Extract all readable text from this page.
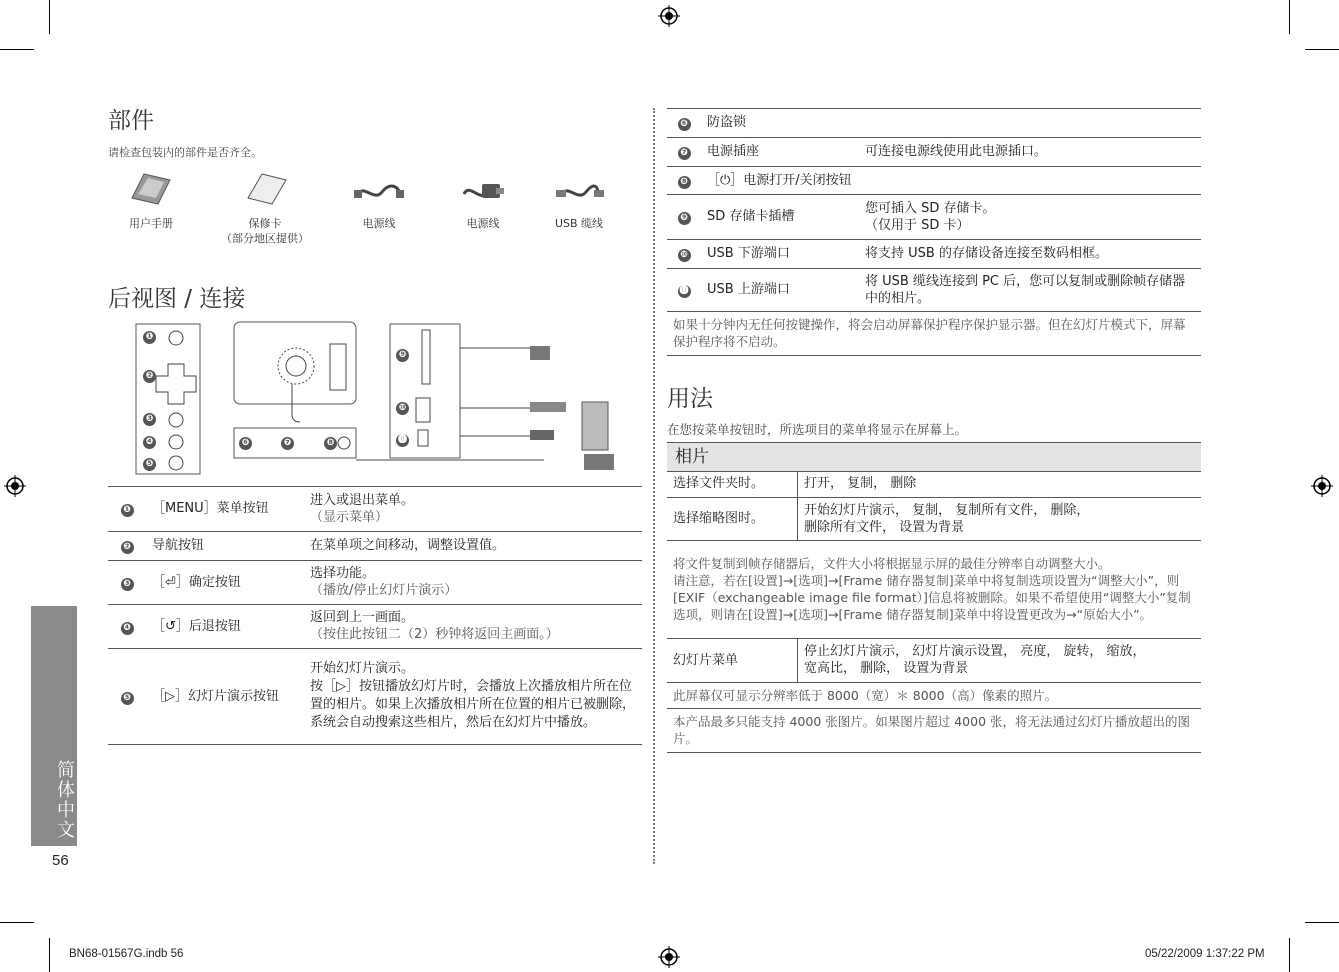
部件
请检查包装内的部件是否齐全。
用户手册	保修卡
（部分地区提供）
电源线	电源线	USB 缆线
后视图 / 连接
❶
❷
❸
❹
❺
❻	❼	❽
❾
❿
⓫
❶	［MENU］菜单按钮	进入或退出菜单。
（显示菜单）
❷	导航按钮	在菜单项之间移动，调整设置值。
❸	［⏎］确定按钮	选择功能。
（播放/停止幻灯片演示）
❹	［↺］后退按钮	返回到上一画面。
（按住此按钮二（2）秒钟将返回主画面。）
❺	［▷］幻灯片演示按钮	开始幻灯片演示。
按［▷］按钮播放幻灯片时，会播放上次播放相片所在位置的相片。如果上次播放相片所在位置的相片已被删除，系统会自动搜索这些相片，然后在幻灯片中播放。
简体中文
56
❻	防盗锁	
❼	电源插座	可连接电源线使用此电源插口。
❽	［⏻］电源打开/关闭按钮	
❾	SD 存储卡插槽	您可插入 SD 存储卡。
（仅用于 SD 卡）
❿	USB 下游端口	将支持 USB 的存储设备连接至数码相框。
⓫	USB 上游端口	将 USB 缆线连接到 PC 后，您可以复制或删除帧存储器中的相片。
如果十分钟内无任何按键操作，将会启动屏幕保护程序保护显示器。但在幻灯片模式下，屏幕保护程序将不启动。		
用法
在您按菜单按钮时，所选项目的菜单将显示在屏幕上。
相片
选择文件夹时。	打开， 复制， 删除
选择缩略图时。	开始幻灯片演示， 复制， 复制所有文件， 删除，
删除所有文件， 设置为背景
将文件复制到帧存储器后，文件大小将根据显示屏的最佳分辨率自动调整大小。
请注意，若在[设置]→[选项]→[Frame 储存器复制]菜单中将复制选项设置为“调整大小”，则[EXIF（exchangeable image file format）]信息将被删除。如果不希望使用“调整大小”复制选项，则请在[设置]→[选项]→[Frame 储存器复制]菜单中将设置更改为→“原始大小”。	
幻灯片菜单	停止幻灯片演示， 幻灯片演示设置， 亮度， 旋转， 缩放，
宽高比， 删除， 设置为背景
此屏幕仅可显示分辨率低于 8000（宽）＊ 8000（高）像素的照片。	
本产品最多只能支持 4000 张图片。如果图片超过 4000 张，将无法通过幻灯片播放超出的图片。	
BN68-01567G.indb 56	05/22/2009 1:37:22 PM
